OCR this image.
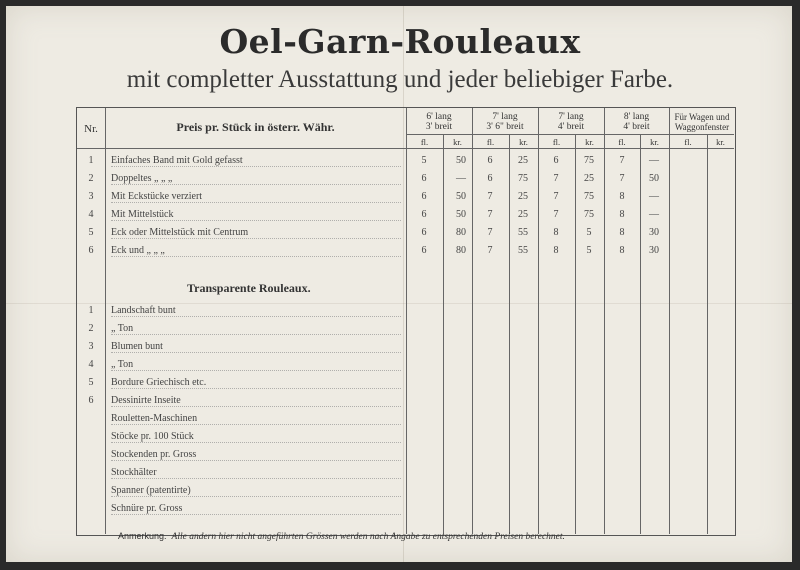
Oel-Garn-Rouleaux
mit completter Ausstattung und jeder beliebiger Farbe.
Nr.	Preis pr. Stück in österr. Währ.
6' lang
3' breit
7' lang
3' 6" breit
7' lang
4' breit
8' lang
4' breit
Für Wagen und
Waggonfenster
fl.	kr.	fl.	kr.	fl.	kr.	fl.	kr.	fl.	kr.
1	Einfaches Band mit Gold gefasst	5	50	6	25	6	75	7	—
2	Doppeltes „ „ „	6	—	6	75	7	25	7	50
3	Mit Eckstücke verziert	6	50	7	25	7	75	8	—
4	Mit Mittelstück	6	50	7	25	7	75	8	—
5	Eck oder Mittelstück mit Centrum	6	80	7	55	8	5	8	30
6	Eck und „ „ „	6	80	7	55	8	5	8	30
Transparente Rouleaux.
1	Landschaft bunt
2	„ Ton
3	Blumen bunt
4	„ Ton
5	Bordure Griechisch etc.
6	Dessinirte Inseite
Rouletten-Maschinen
Stöcke pr. 100 Stück
Stockenden pr. Gross
Stockhälter
Spanner (patentirte)
Schnüre pr. Gross
Anmerkung. Alle andern hier nicht angeführten Grössen werden nach Angabe zu entsprechenden Preisen berechnet.
